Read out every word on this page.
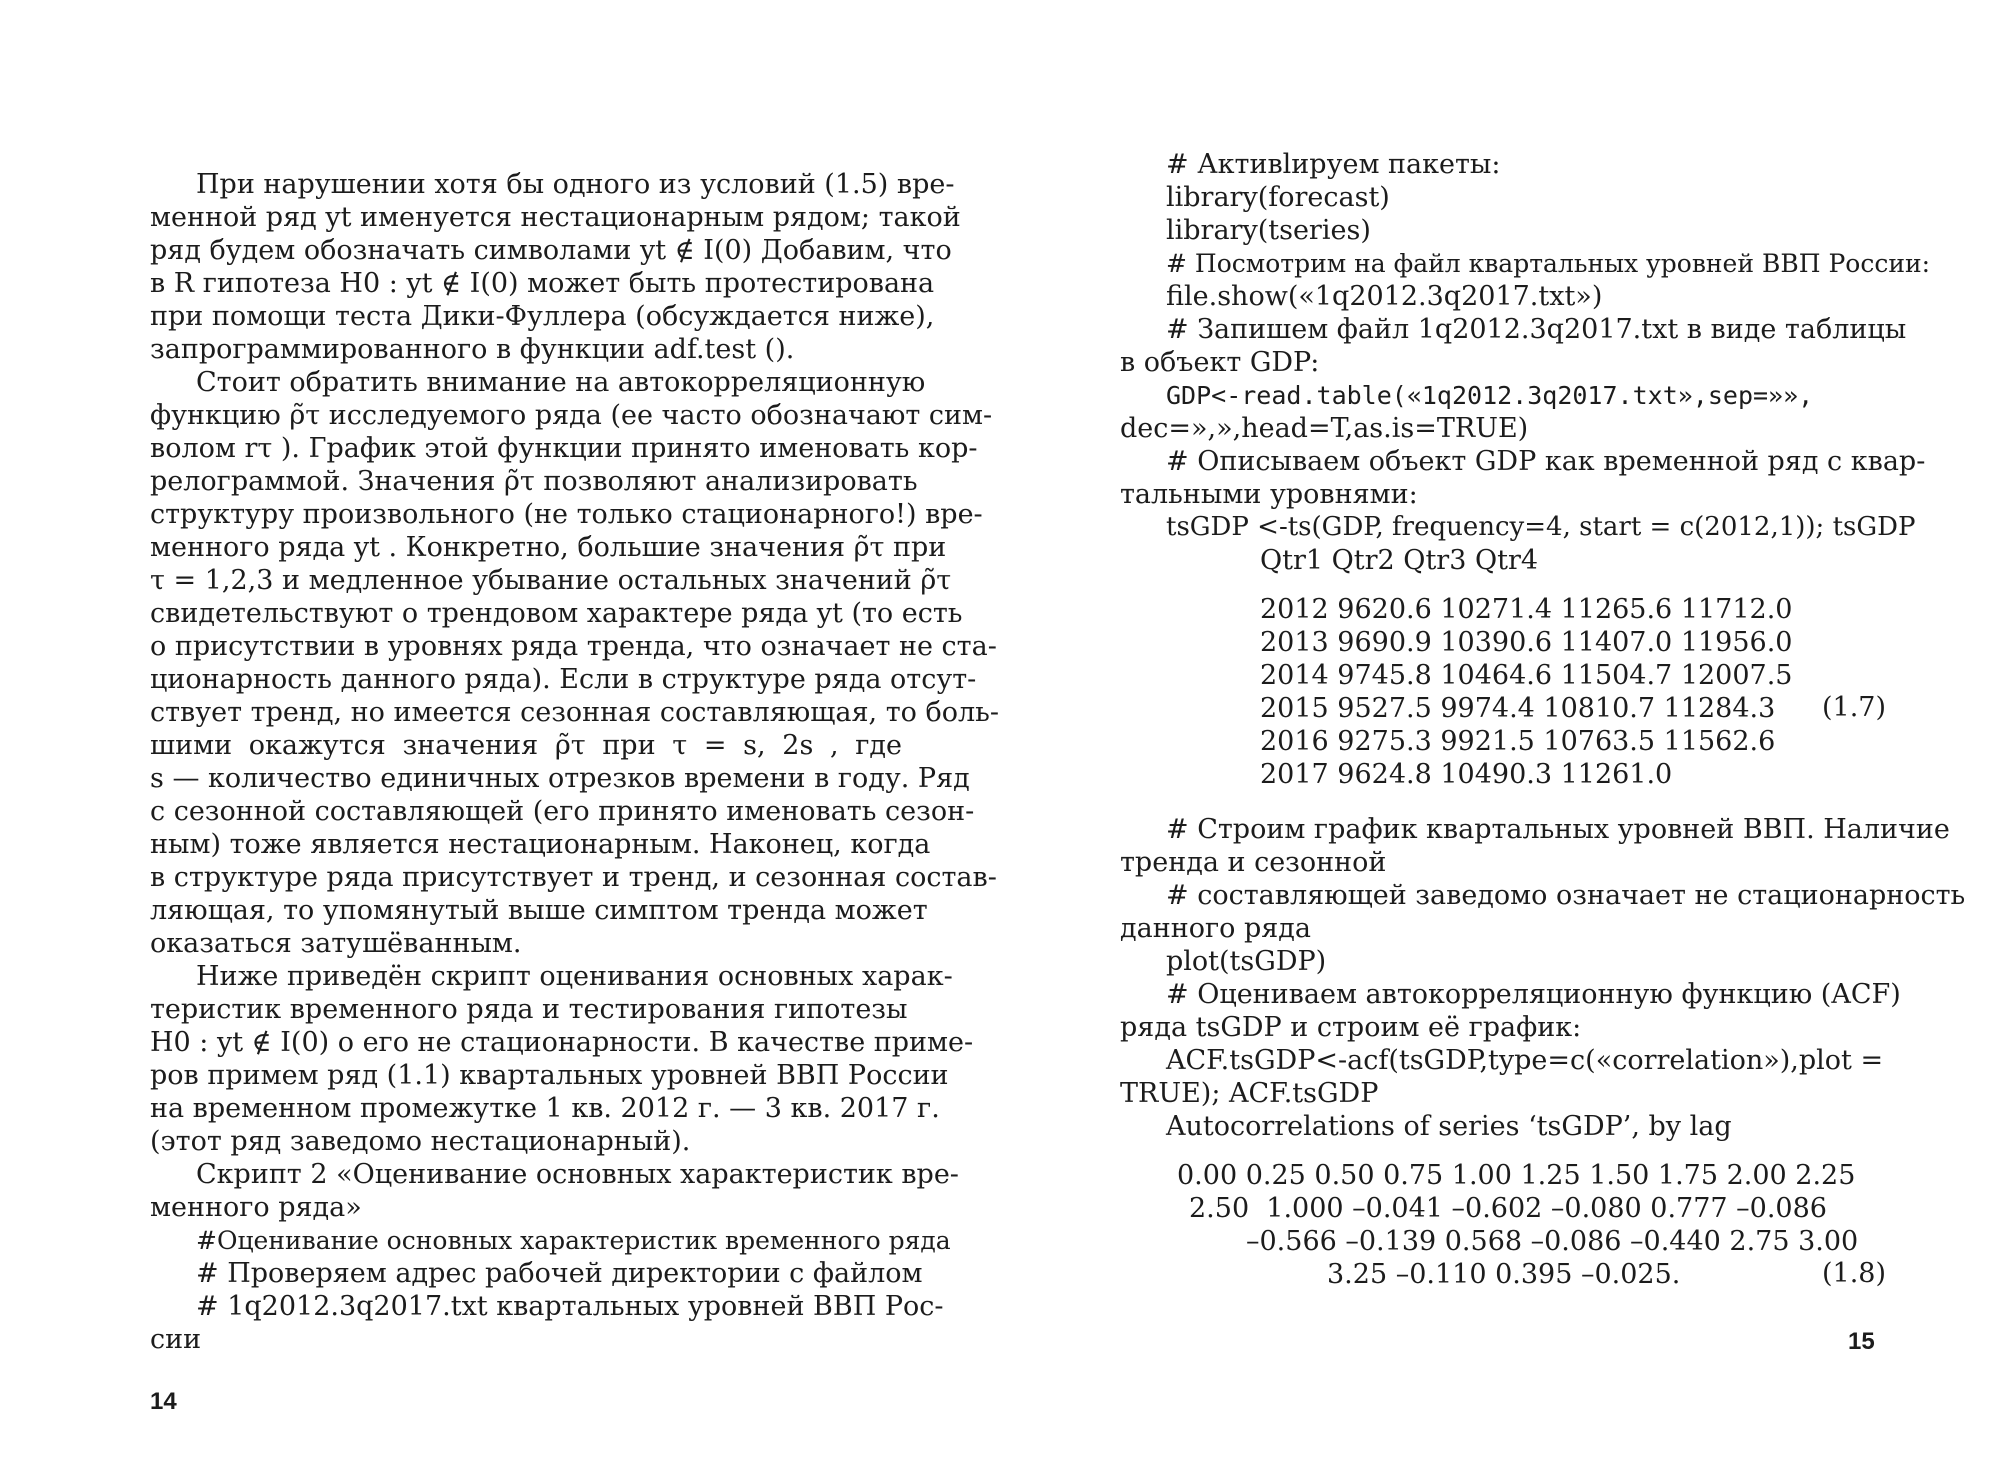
При нарушении хотя бы одного из условий (1.5) вре-
менной ряд yt именуется нестационарным рядом; такой
ряд будем обозначать символами yt ∉ I(0) Добавим, что
в R гипотеза H0 : yt ∉ I(0) может быть протестирована
при помощи теста Дики-Фуллера (обсуждается ниже),
запрограммированного в функции adf.test ().
Стоит обратить внимание на автокорреляционную
функцию ρ̃τ исследуемого ряда (ее часто обозначают сим-
волом rτ ). График этой функции принято именовать кор-
релограммой. Значения ρ̃τ позволяют анализировать
структуру произвольного (не только стационарного!) вре-
менного ряда yt . Конкретно, большие значения ρ̃τ при
τ = 1,2,3 и медленное убывание остальных значений ρ̃τ
свидетельствуют о трендовом характере ряда yt (то есть
о присутствии в уровнях ряда тренда, что означает не ста-
ционарность данного ряда). Если в структуре ряда отсут-
ствует тренд, но имеется сезонная составляющая, то боль-
шими окажутся значения ρ̃τ при τ = s, 2s , где
s — количество единичных отрезков времени в году. Ряд
с сезонной составляющей (его принято именовать сезон-
ным) тоже является нестационарным. Наконец, когда
в структуре ряда присутствует и тренд, и сезонная состав-
ляющая, то упомянутый выше симптом тренда может
оказаться затушёванным.
Ниже приведён скрипт оценивания основных харак-
теристик временного ряда и тестирования гипотезы
H0 : yt ∉ I(0) о его не стационарности. В качестве приме-
ров примем ряд (1.1) квартальных уровней ВВП России
на временном промежутке 1 кв. 2012 г. — 3 кв. 2017 г.
(этот ряд заведомо нестационарный).
Скрипт 2 «Оценивание основных характеристик вре-
менного ряда»
#Оценивание основных характеристик временного ряда
# Проверяем адрес рабочей директории с файлом
# 1q2012.3q2017.txt квартальных уровней ВВП Рос-
сии
14
# Активlируем пакеты:
library(forecast)
library(tseries)
# Посмотрим на файл квартальных уровней ВВП России:
file.show(«1q2012.3q2017.txt»)
# Запишем файл 1q2012.3q2017.txt в виде таблицы
в объект GDP:
GDP<-read.table(«1q2012.3q2017.txt»,sep=»»,
dec=»,»,head=T,as.is=TRUE)
# Описываем объект GDP как временной ряд с квар-
тальными уровнями:
tsGDP <-ts(GDP, frequency=4, start = c(2012,1)); tsGDP
Qtr1 Qtr2 Qtr3 Qtr4
2012 9620.6 10271.4 11265.6 11712.0
2013 9690.9 10390.6 11407.0 11956.0
2014 9745.8 10464.6 11504.7 12007.5
2015 9527.5 9974.4 10810.7 11284.3 (1.7)
2016 9275.3 9921.5 10763.5 11562.6
2017 9624.8 10490.3 11261.0
# Строим график квартальных уровней ВВП. Наличие
тренда и сезонной
# составляющей заведомо означает не стационарность
данного ряда
plot(tsGDP)
# Оцениваем автокорреляционную функцию (ACF)
ряда tsGDP и строим её график:
ACF.tsGDP<-acf(tsGDP,type=c(«correlation»),plot =
TRUE); ACF.tsGDP
Autocorrelations of series ‘tsGDP’, by lag
0.00 0.25 0.50 0.75 1.00 1.25 1.50 1.75 2.00 2.25
2.50  1.000 –0.041 –0.602 –0.080 0.777 –0.086
–0.566 –0.139 0.568 –0.086 –0.440 2.75 3.00
3.25 –0.110 0.395 –0.025.	(1.8)
15
